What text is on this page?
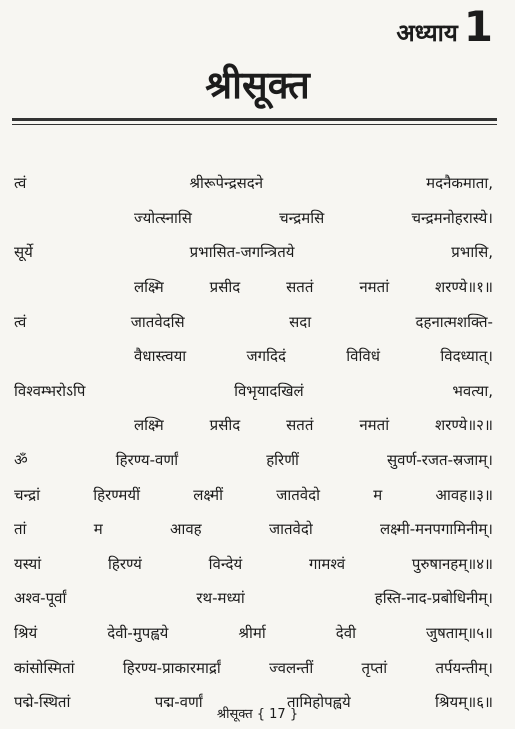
अध्याय 1
श्रीसूक्त
त्वं	श्रीरूपेन्द्रसदने	मदनैकमाता,
ज्योत्स्नासि	चन्द्रमसि	चन्द्रमनोहरास्ये।
सूर्ये	प्रभासित-जगन्त्रितये	प्रभासि,
लक्ष्मि	प्रसीद	सततं	नमतां	शरण्ये॥१॥
त्वं	जातवेदसि	सदा	दहनात्मशक्ति-
वैधास्त्वया	जगदिदं	विविधं	विदध्यात्।
विश्वम्भरोऽपि	विभृयादखिलं	भवत्या,
लक्ष्मि	प्रसीद	सततं	नमतां	शरण्ये॥२॥
ॐ	हिरण्य-वर्णां	हरिणीं	सुवर्ण-रजत-स्रजाम्।
चन्द्रां	हिरण्मयीं	लक्ष्मीं	जातवेदो	म	आवह॥३॥
तां	म	आवह	जातवेदो	लक्ष्मी-मनपगामिनीम्।
यस्यां	हिरण्यं	विन्देयं	गामश्वं	पुरुषानहम्॥४॥
अश्व-पूर्वां	रथ-मध्यां	हस्ति-नाद-प्रबोधिनीम्।
श्रियं	देवी-मुपह्वये	श्रीर्मा	देवी	जुषताम्॥५॥
कांसोस्मितां	हिरण्य-प्राकारमार्द्रां	ज्वलन्तीं	तृप्तां	तर्पयन्तीम्।
पद्मे-स्थितां	पद्म-वर्णां	तामिहोपह्वये	श्रियम्॥६॥
श्रीसूक्त { 17 }
